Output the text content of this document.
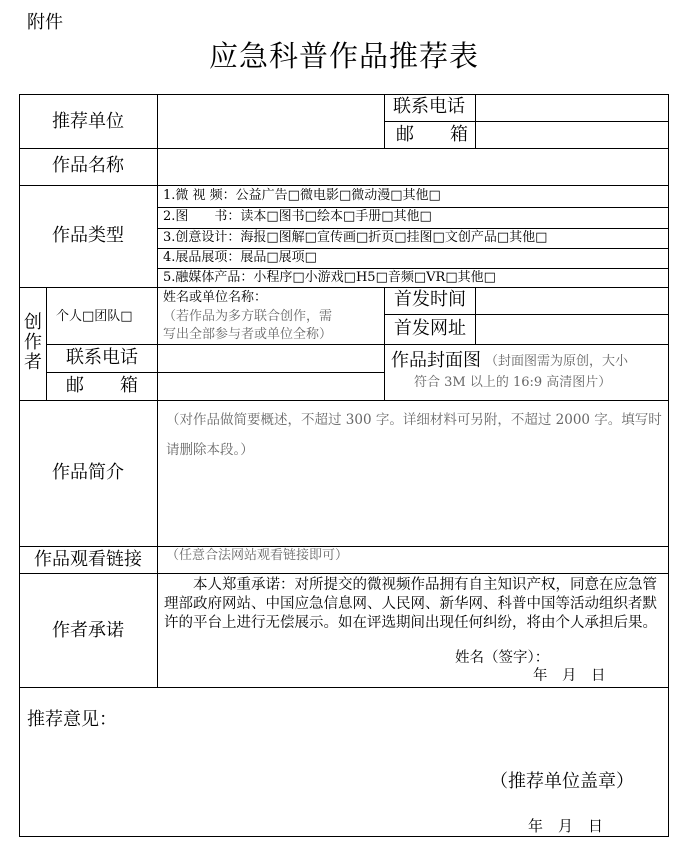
附件
应急科普作品推荐表
推荐单位
联系电话
邮　　箱
作品名称
作品类型
1.微 视 频：公益广告□微电影□微动漫□其他□
2.图　　书：读本□图书□绘本□手册□其他□
3.创意设计：海报□图解□宣传画□折页□挂图□文创产品□其他□
4.展品展项：展品□展项□
5.融媒体产品：小程序□小游戏□H5□音频□VR□其他□
创
作
者
个人□团队□
姓名或单位名称：
（若作品为多方联合创作，需
写出全部参与者或单位全称）
首发时间
首发网址
联系电话
邮　　箱
作品封面图 （封面图需为原创，大小
符合 3M 以上的 16:9 高清图片）
作品简介
（对作品做简要概述，不超过 300 字。详细材料可另附，不超过 2000 字。填写时请删除本段。）
作品观看链接 （任意合法网站观看链接即可）
作者承诺
　　本人郑重承诺：对所提交的微视频作品拥有自主知识产权，同意在应急管理部政府网站、中国应急信息网、人民网、新华网、科普中国等活动组织者默许的平台上进行无偿展示。如在评选期间出现任何纠纷，将由个人承担后果。
姓名（签字）：
年　月　日
推荐意见：
（推荐单位盖章）
年　月　日
